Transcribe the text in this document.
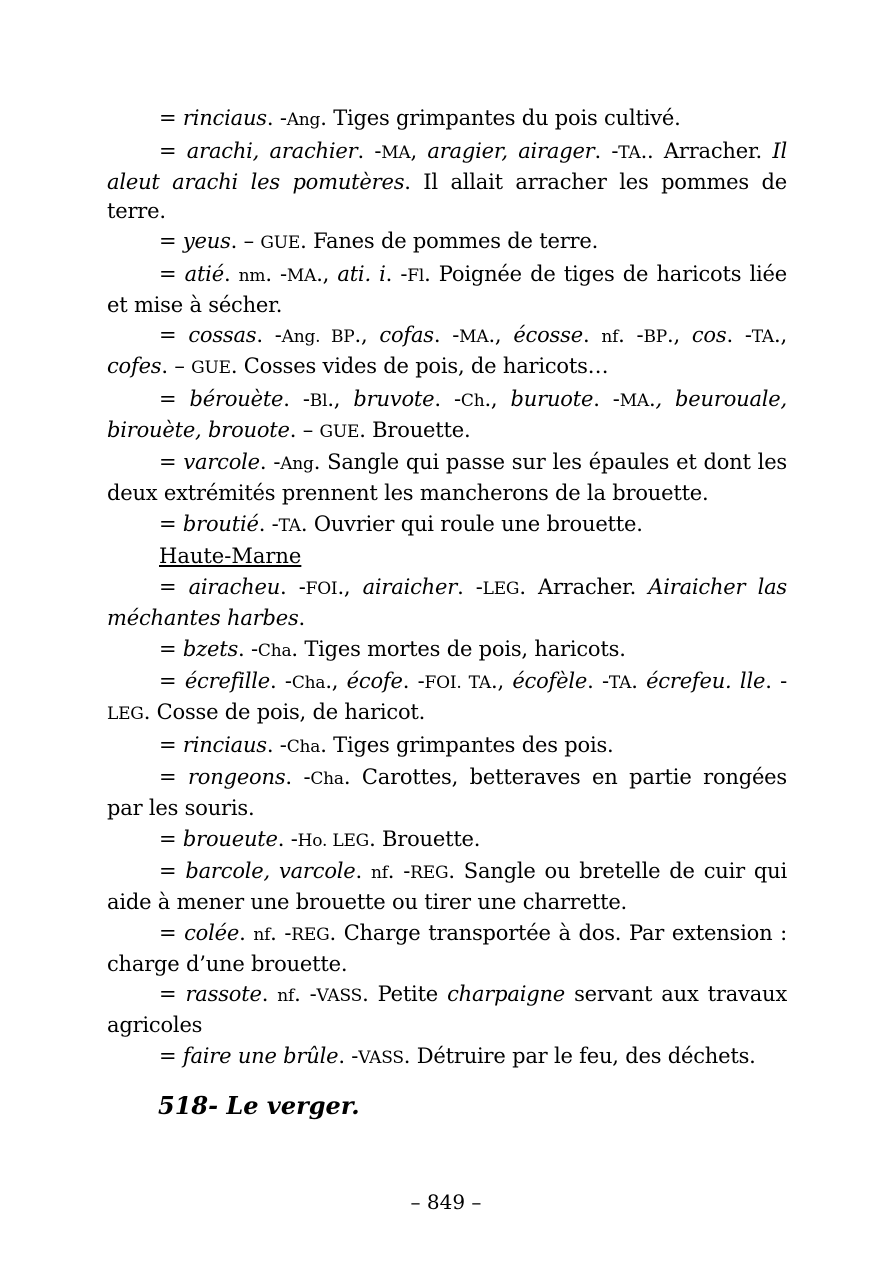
= rinciaus. -Ang. Tiges grimpantes du pois cultivé.

= arachi, arachier. -MA, aragier, airager. -TA.. Arracher. Il aleut arachi les pomutères. Il allait arracher les pommes de terre.

= yeus. – GUE. Fanes de pommes de terre.

= atié. nm. -MA., ati. i. -Fl. Poignée de tiges de haricots liée et mise à sécher.

= cossas. -Ang. BP., cofas. -MA., écosse. nf. -BP., cos. -TA., cofes. – GUE. Cosses vides de pois, de haricots…

= bérouète. -Bl., bruvote. -Ch., buruote. -MA., beurouale, birouète, brouote. – GUE. Brouette.

= varcole. -Ang. Sangle qui passe sur les épaules et dont les deux extrémités prennent les mancherons de la brouette.

= broutié. -TA. Ouvrier qui roule une brouette.

Haute-Marne

= airacheu. -FOI., airaicher. -LEG. Arracher. Airaicher las méchantes harbes.

= bzets. -Cha. Tiges mortes de pois, haricots.

= écrefille. -Cha., écofe. -FOI. TA., écofèle. -TA. écrefeu. lle. - LEG. Cosse de pois, de haricot.

= rinciaus. -Cha. Tiges grimpantes des pois.

= rongeons. -Cha. Carottes, betteraves en partie rongées par les souris.

= broueute. -Ho. LEG. Brouette.

= barcole, varcole. nf. -REG. Sangle ou bretelle de cuir qui aide à mener une brouette ou tirer une charrette.

= colée. nf. -REG. Charge transportée à dos. Par extension : charge d’une brouette.

= rassote. nf. -VASS. Petite charpaigne servant aux travaux agricoles

= faire une brûle. -VASS. Détruire par le feu, des déchets.

518- Le verger.
– 849 –
